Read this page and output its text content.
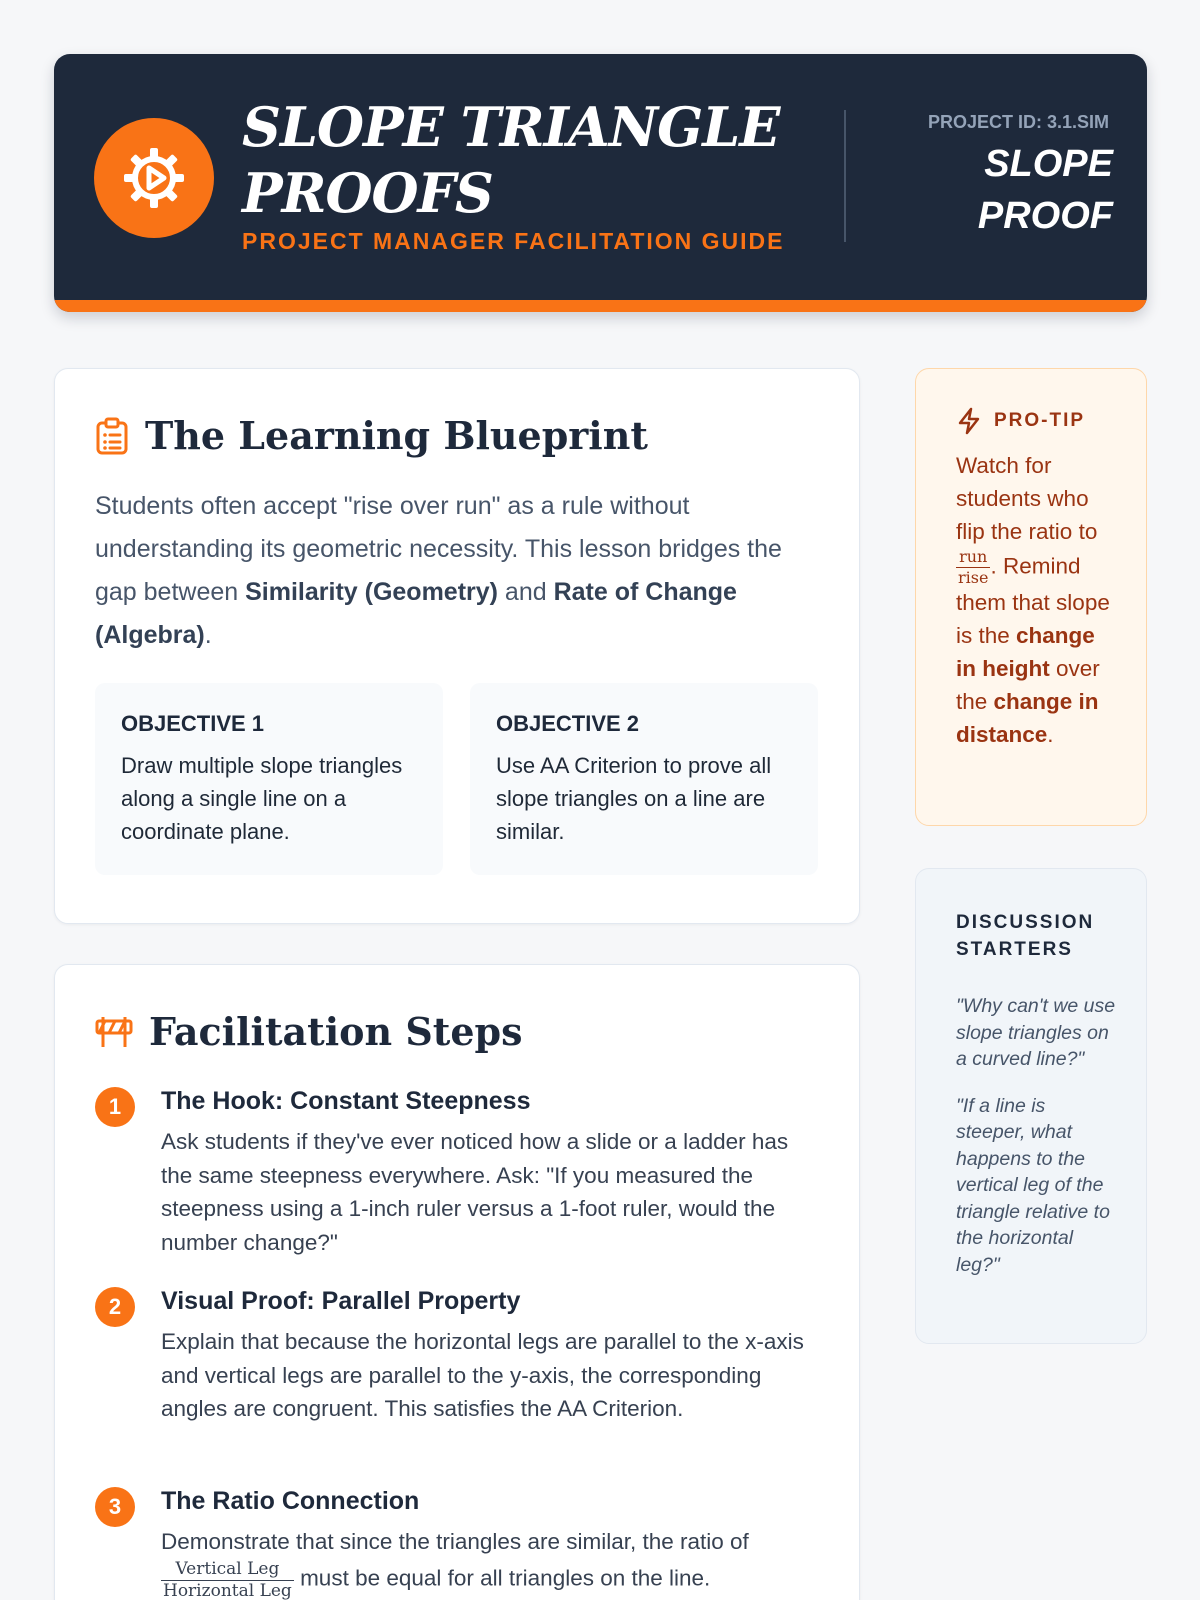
SLOPE TRIANGLE PROOFS
PROJECT MANAGER FACILITATION GUIDE
PROJECT ID: 3.1.SIM
SLOPE PROOF
The Learning Blueprint
Students often accept "rise over run" as a rule without understanding its geometric necessity. This lesson bridges the gap between Similarity (Geometry) and Rate of Change (Algebra).
OBJECTIVE 1
Draw multiple slope triangles along a single line on a coordinate plane.
OBJECTIVE 2
Use AA Criterion to prove all slope triangles on a line are similar.
Facilitation Steps
1	The Hook: Constant Steepness
Ask students if they've ever noticed how a slide or a ladder has the same steepness everywhere. Ask: "If you measured the steepness using a 1-inch ruler versus a 1-foot ruler, would the number change?"
2	Visual Proof: Parallel Property
Explain that because the horizontal legs are parallel to the x-axis and vertical legs are parallel to the y-axis, the corresponding angles are congruent. This satisfies the AA Criterion.
3	The Ratio Connection
Demonstrate that since the triangles are similar, the ratio of

$\frac{\text{Vertical Leg}}{\text{Horizontal Leg}}$ must be equal for all triangles on the line.
PRO-TIP
Watch for students who flip the ratio to
$\frac{\text{run}}{\text{rise}}$ . Remind them that slope is the change in height over the change in distance.
DISCUSSION STARTERS
"Why can't we use slope triangles on a curved line?"
"If a line is steeper, what happens to the vertical leg of the triangle relative to the horizontal leg?"
